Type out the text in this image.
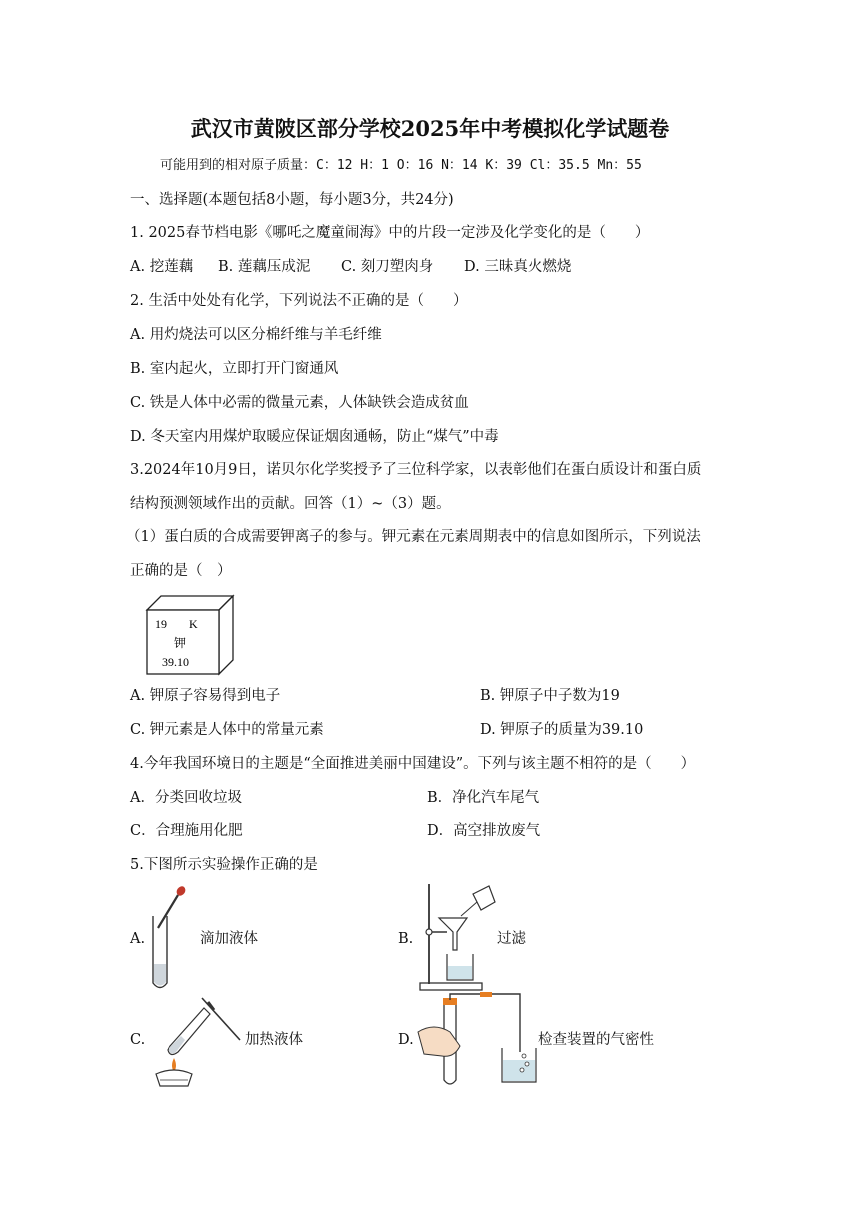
武汉市黄陂区部分学校2025年中考模拟化学试题卷
可能用到的相对原子质量：C：12 H：1 O：16 N：14 K：39 Cl：35.5 Mn：55
一、选择题(本题包括8小题，每小题3分，共24分)
1. 2025春节档电影《哪吒之魔童闹海》中的片段一定涉及化学变化的是（　　）
A. 挖莲藕 B. 莲藕压成泥 C. 刻刀塑肉身 D. 三昧真火燃烧
2. 生活中处处有化学，下列说法不正确的是（　　）
A. 用灼烧法可以区分棉纤维与羊毛纤维
B. 室内起火，立即打开门窗通风
C. 铁是人体中必需的微量元素，人体缺铁会造成贫血
D. 冬天室内用煤炉取暖应保证烟囱通畅，防止“煤气”中毒
3.2024年10月9日，诺贝尔化学奖授予了三位科学家，以表彰他们在蛋白质设计和蛋白质
结构预测领域作出的贡献。回答（1）~（3）题。
（1）蛋白质的合成需要钾离子的参与。钾元素在元素周期表中的信息如图所示，下列说法
正确的是（　）
19 K
钾
39.10
A. 钾原子容易得到电子	B. 钾原子中子数为19
C. 钾元素是人体中的常量元素	D. 钾原子的质量为39.10
4.今年我国环境日的主题是“全面推进美丽中国建设”。下列与该主题不相符的是（　　）
A．分类回收垃圾	B．净化汽车尾气
C．合理施用化肥	D．高空排放废气
5.下图所示实验操作正确的是
A.	滴加液体	B.	过滤
C.	加热液体	D.	检查装置的气密性
